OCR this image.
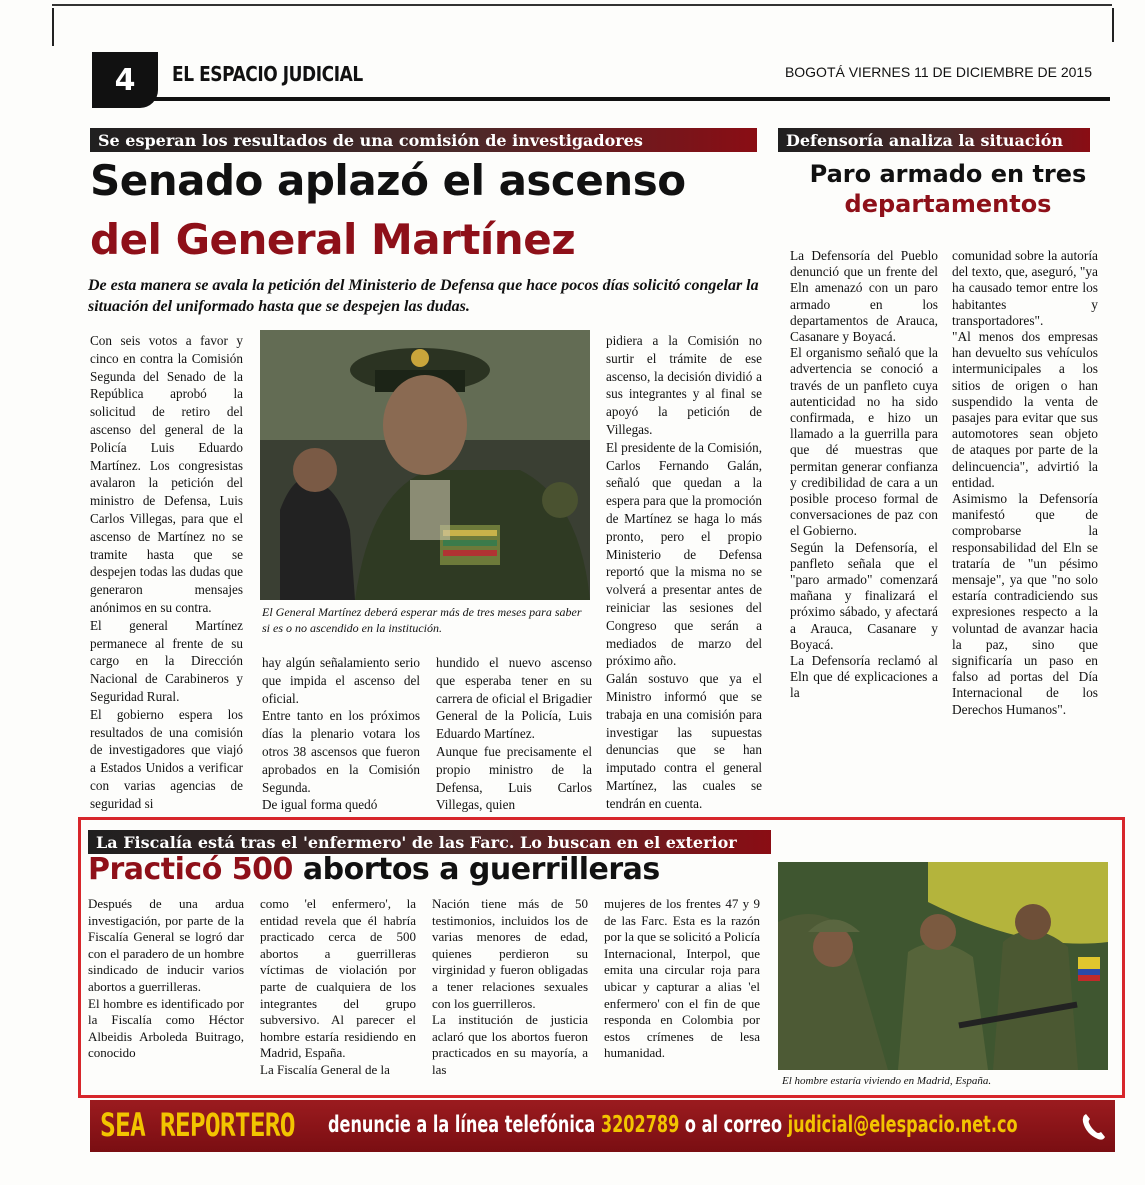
4	EL ESPACIO JUDICIAL	BOGOTÁ VIERNES 11 DE DICIEMBRE DE 2015
Se esperan los resultados de una comisión de investigadores
Senado aplazó el ascenso
del General Martínez
De esta manera se avala la petición del Ministerio de Defensa que hace pocos días solicitó congelar la situación del uniformado hasta que se despejen las dudas.

Con seis votos a favor y cinco en contra la Comisión Segunda del Senado de la República aprobó la solicitud de retiro del ascenso del general de la Policía Luis Eduardo Martínez. Los congresistas avalaron la petición del ministro de Defensa, Luis Carlos Villegas, para que el ascenso de Martínez no se tramite hasta que se despejen todas las dudas que generaron mensajes anónimos en su contra.

El general Martínez permanece al frente de su cargo en la Dirección Nacional de Carabineros y Seguridad Rural.

El gobierno espera los resultados de una comisión de investigadores que viajó a Estados Unidos a verificar con varias agencias de seguridad si

El General Martínez deberá esperar más de tres meses para saber si es o no ascendido en la institución.

hay algún señalamiento serio que impida el ascenso del oficial.

Entre tanto en los próximos días la plenario votara los otros 38 ascensos que fueron aprobados en la Comisión Segunda.

De igual forma quedó

hundido el nuevo ascenso que esperaba tener en su carrera de oficial el Brigadier General de la Policía, Luis Eduardo Martínez.

Aunque fue precisamente el propio ministro de la Defensa, Luis Carlos Villegas, quien

pidiera a la Comisión no surtir el trámite de ese ascenso, la decisión dividió a sus integrantes y al final se apoyó la petición de Villegas.

El presidente de la Comisión, Carlos Fernando Galán, señaló que quedan a la espera para que la promoción de Martínez se haga lo más pronto, pero el propio Ministerio de Defensa reportó que la misma no se volverá a presentar antes de reiniciar las sesiones del Congreso que serán a mediados de marzo del próximo año.

Galán sostuvo que ya el Ministro informó que se trabaja en una comisión para investigar las supuestas denuncias que se han imputado contra el general Martínez, las cuales se tendrán en cuenta.

Defensoría analiza la situación
Paro armado en tres
departamentos

La Defensoría del Pueblo denunció que un frente del Eln amenazó con un paro armado en los departamentos de Arauca, Casanare y Boyacá.

El organismo señaló que la advertencia se conoció a través de un panfleto cuya autenticidad no ha sido confirmada, e hizo un llamado a la guerrilla para que dé muestras que permitan generar confianza y credibilidad de cara a un posible proceso formal de conversaciones de paz con el Gobierno.

Según la Defensoría, el panfleto señala que el "paro armado" comenzará mañana y finalizará el próximo sábado, y afectará a Arauca, Casanare y Boyacá.

La Defensoría reclamó al Eln que dé explicaciones a la

comunidad sobre la autoría del texto, que, aseguró, "ya ha causado temor entre los habitantes y transportadores".

"Al menos dos empresas han devuelto sus vehículos intermunicipales a los sitios de origen o han suspendido la venta de pasajes para evitar que sus automotores sean objeto de ataques por parte de la delincuencia", advirtió la entidad.

Asimismo la Defensoría manifestó que de comprobarse la responsabilidad del Eln se trataría de "un pésimo mensaje", ya que "no solo estaría contradiciendo sus expresiones respecto a la voluntad de avanzar hacia la paz, sino que significaría un paso en falso ad portas del Día Internacional de los Derechos Humanos".

La Fiscalía está tras el 'enfermero' de las Farc. Lo buscan en el exterior
Practicó 500 abortos a guerrilleras

Después de una ardua investigación, por parte de la Fiscalía General se logró dar con el paradero de un hombre sindicado de inducir varios abortos a guerrilleras.

El hombre es identificado por la Fiscalía como Héctor Albeidis Arboleda Buitrago, conocido

como 'el enfermero', la entidad revela que él habría practicado cerca de 500 abortos a guerrilleras víctimas de violación por parte de cualquiera de los integrantes del grupo subversivo. Al parecer el hombre estaría residiendo en Madrid, España.

La Fiscalía General de la

Nación tiene más de 50 testimonios, incluidos los de varias menores de edad, quienes perdieron su virginidad y fueron obligadas a tener relaciones sexuales con los guerrilleros.

La institución de justicia aclaró que los abortos fueron practicados en su mayoría, a las

mujeres de los frentes 47 y 9 de las Farc. Esta es la razón por la que se solicitó a Policía Internacional, Interpol, que emita una circular roja para ubicar y capturar a alias 'el enfermero' con el fin de que responda en Colombia por estos crímenes de lesa humanidad.

El hombre estaría viviendo en Madrid, España.
SEA REPORTERO denuncie a la línea telefónica 3202789 o al correo judicial@elespacio.net.co
